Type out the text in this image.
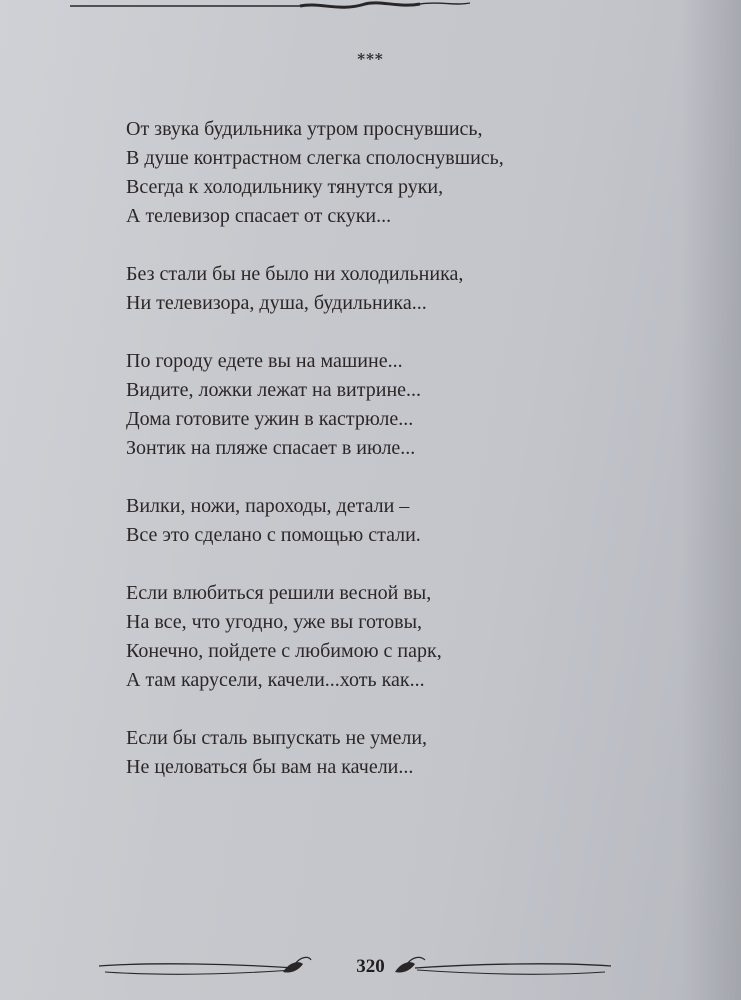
***
От звука будильника утром проснувшись,
В душе контрастном слегка сполоснувшись,
Всегда к холодильнику тянутся руки,
А телевизор спасает от скуки...
Без стали бы не было ни холодильника,
Ни телевизора, душа, будильника...
По городу едете вы на машине...
Видите, ложки лежат на витрине...
Дома готовите ужин в кастрюле...
Зонтик на пляже спасает в июле...
Вилки, ножи, пароходы, детали –
Все это сделано с помощью стали.
Если влюбиться решили весной вы,
На все, что угодно, уже вы готовы,
Конечно, пойдете с любимою с парк,
А там карусели, качели...хоть как...
Если бы сталь выпускать не умели,
Не целоваться бы вам на качели...
320
